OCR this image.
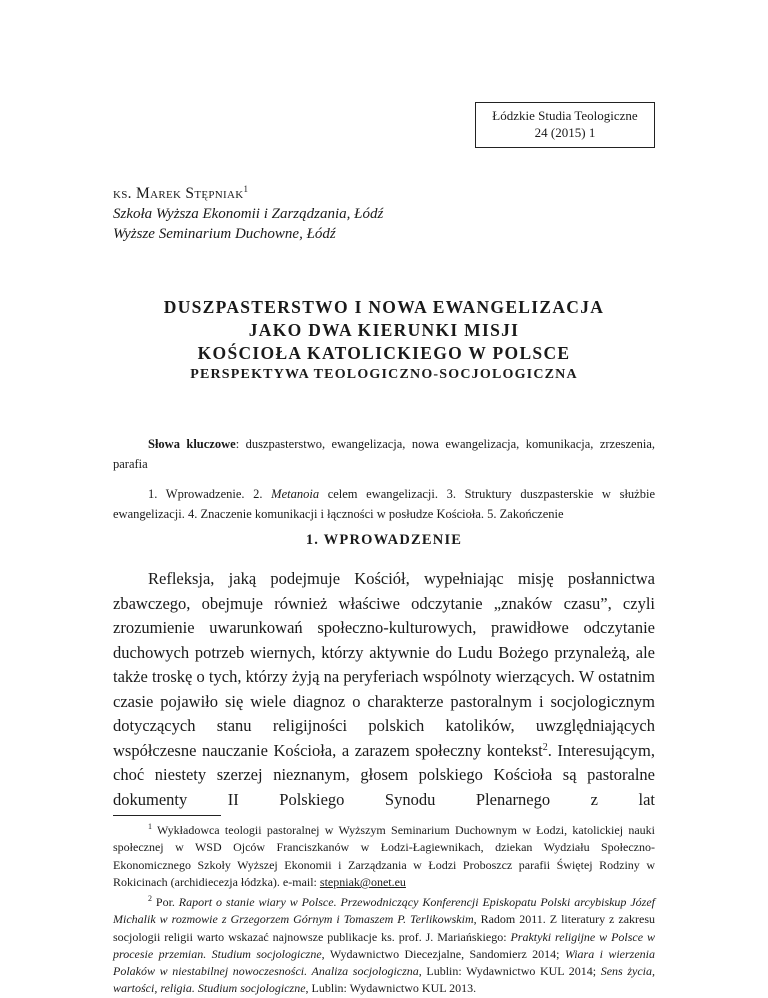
Łódzkie Studia Teologiczne
24 (2015) 1
ks. Marek Stępniak$^1$
Szkoła Wyższa Ekonomii i Zarządzania, Łódź
Wyższe Seminarium Duchowne, Łódź
DUSZPASTERSTWO I NOWA EWANGELIZACJA
JAKO DWA KIERUNKI MISJI
KOŚCIOŁA KATOLICKIEGO W POLSCE
PERSPEKTYWA TEOLOGICZNO-SOCJOLOGICZNA
Słowa kluczowe: duszpasterstwo, ewangelizacja, nowa ewangelizacja, komunikacja, zrzeszenia, parafia
1. Wprowadzenie. 2. Metanoia celem ewangelizacji. 3. Struktury duszpasterskie w służbie ewangelizacji. 4. Znaczenie komunikacji i łączności w posłudze Kościoła. 5. Zakończenie
1. WPROWADZENIE

Refleksja, jaką podejmuje Kościół, wypełniając misję posłannictwa zbawczego, obejmuje również właściwe odczytanie „znaków czasu”, czyli zrozumienie uwarunkowań społeczno-kulturowych, prawidłowe odczytanie duchowych potrzeb wiernych, którzy aktywnie do Ludu Bożego przynależą, ale także troskę o tych, którzy żyją na peryferiach wspólnoty wierzących. W ostatnim czasie pojawiło się wiele diagnoz o charakterze pastoralnym i socjologicznym dotyczących stanu religijności polskich katolików, uwzględniających współczesne nauczanie Kościoła, a zarazem społeczny kontekst$^2$. Interesującym, choć niestety szerzej nieznanym, głosem polskiego Kościoła są pastoralne dokumenty II Polskiego Synodu Plenarnego z lat

$^1$ Wykładowca teologii pastoralnej w Wyższym Seminarium Duchownym w Łodzi, katolickiej nauki społecznej w WSD Ojców Franciszkanów w Łodzi-Łagiewnikach, dziekan Wydziału Społeczno-Ekonomicznego Szkoły Wyższej Ekonomii i Zarządzania w Łodzi Proboszcz parafii Świętej Rodziny w Rokicinach (archidiecezja łódzka). e-mail: stepniak@onet.eu

$^2$ Por. Raport o stanie wiary w Polsce. Przewodniczący Konferencji Episkopatu Polski arcybiskup Józef Michalik w rozmowie z Grzegorzem Górnym i Tomaszem P. Terlikowskim, Radom 2011. Z literatury z zakresu socjologii religii warto wskazać najnowsze publikacje ks. prof. J. Mariańskiego: Praktyki religijne w Polsce w procesie przemian. Studium socjologiczne, Wydawnictwo Diecezjalne, Sandomierz 2014; Wiara i wierzenia Polaków w niestabilnej nowoczesności. Analiza socjologiczna, Lublin: Wydawnictwo KUL 2014; Sens życia, wartości, religia. Studium socjologiczne, Lublin: Wydawnictwo KUL 2013.
